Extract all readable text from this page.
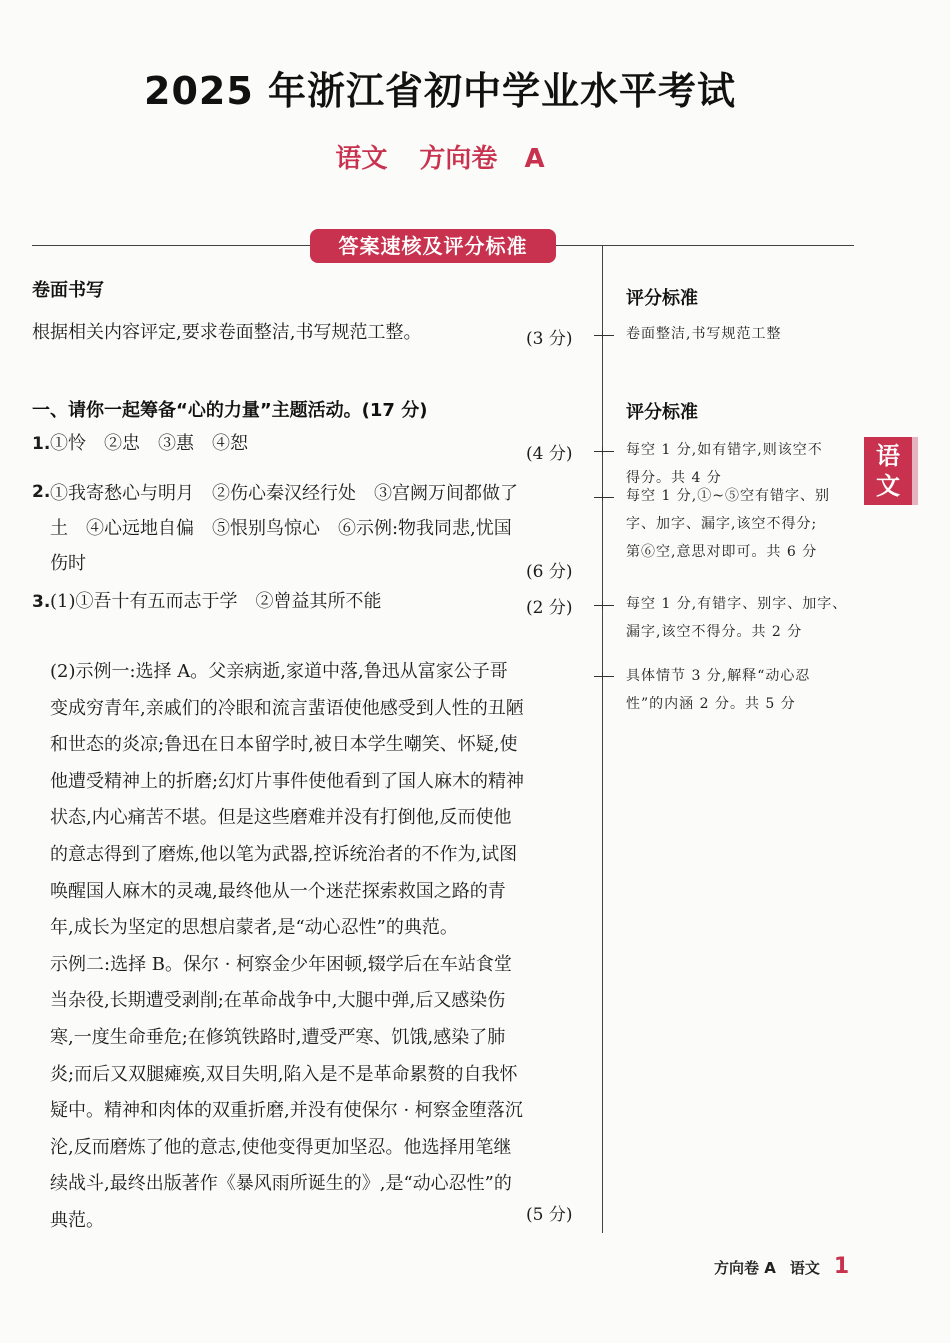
2025 年浙江省初中学业水平考试
语文 方向卷 A
答案速核及评分标准
卷面书写
根据相关内容评定,要求卷面整洁,书写规范工整。	(3 分)
评分标准
卷面整洁,书写规范工整
一、请你一起筹备“心的力量”主题活动。(17 分)	评分标准
1. ①怜　②忠　③惠　④恕	(4 分)	每空 1 分,如有错字,则该空不
得分。共 4 分
2. ①我寄愁心与明月　②伤心秦汉经行处　③宫阙万间都做了
土　④心远地自偏　⑤恨别鸟惊心　⑥示例:物我同悲,忧国
伤时	(6 分)
每空 1 分,①~⑤空有错字、别
字、加字、漏字,该空不得分;
第⑥空,意思对即可。共 6 分
3. (1)①吾十有五而志于学　②曾益其所不能	(2 分)	每空 1 分,有错字、别字、加字、
漏字,该空不得分。共 2 分
(2)示例一:选择 A。父亲病逝,家道中落,鲁迅从富家公子哥
变成穷青年,亲戚们的冷眼和流言蜚语使他感受到人性的丑陋
和世态的炎凉;鲁迅在日本留学时,被日本学生嘲笑、怀疑,使
他遭受精神上的折磨;幻灯片事件使他看到了国人麻木的精神
状态,内心痛苦不堪。但是这些磨难并没有打倒他,反而使他
的意志得到了磨炼,他以笔为武器,控诉统治者的不作为,试图
唤醒国人麻木的灵魂,最终他从一个迷茫探索救国之路的青
年,成长为坚定的思想启蒙者,是“动心忍性”的典范。
示例二:选择 B。保尔 · 柯察金少年困顿,辍学后在车站食堂
当杂役,长期遭受剥削;在革命战争中,大腿中弹,后又感染伤
寒,一度生命垂危;在修筑铁路时,遭受严寒、饥饿,感染了肺
炎;而后又双腿瘫痪,双目失明,陷入是不是革命累赘的自我怀
疑中。精神和肉体的双重折磨,并没有使保尔 · 柯察金堕落沉
沦,反而磨炼了他的意志,使他变得更加坚忍。他选择用笔继
续战斗,最终出版著作《暴风雨所诞生的》,是“动心忍性”的
典范。	(5 分)
具体情节 3 分,解释“动心忍
性”的内涵 2 分。共 5 分
语
文
方向卷 A 语文 1
